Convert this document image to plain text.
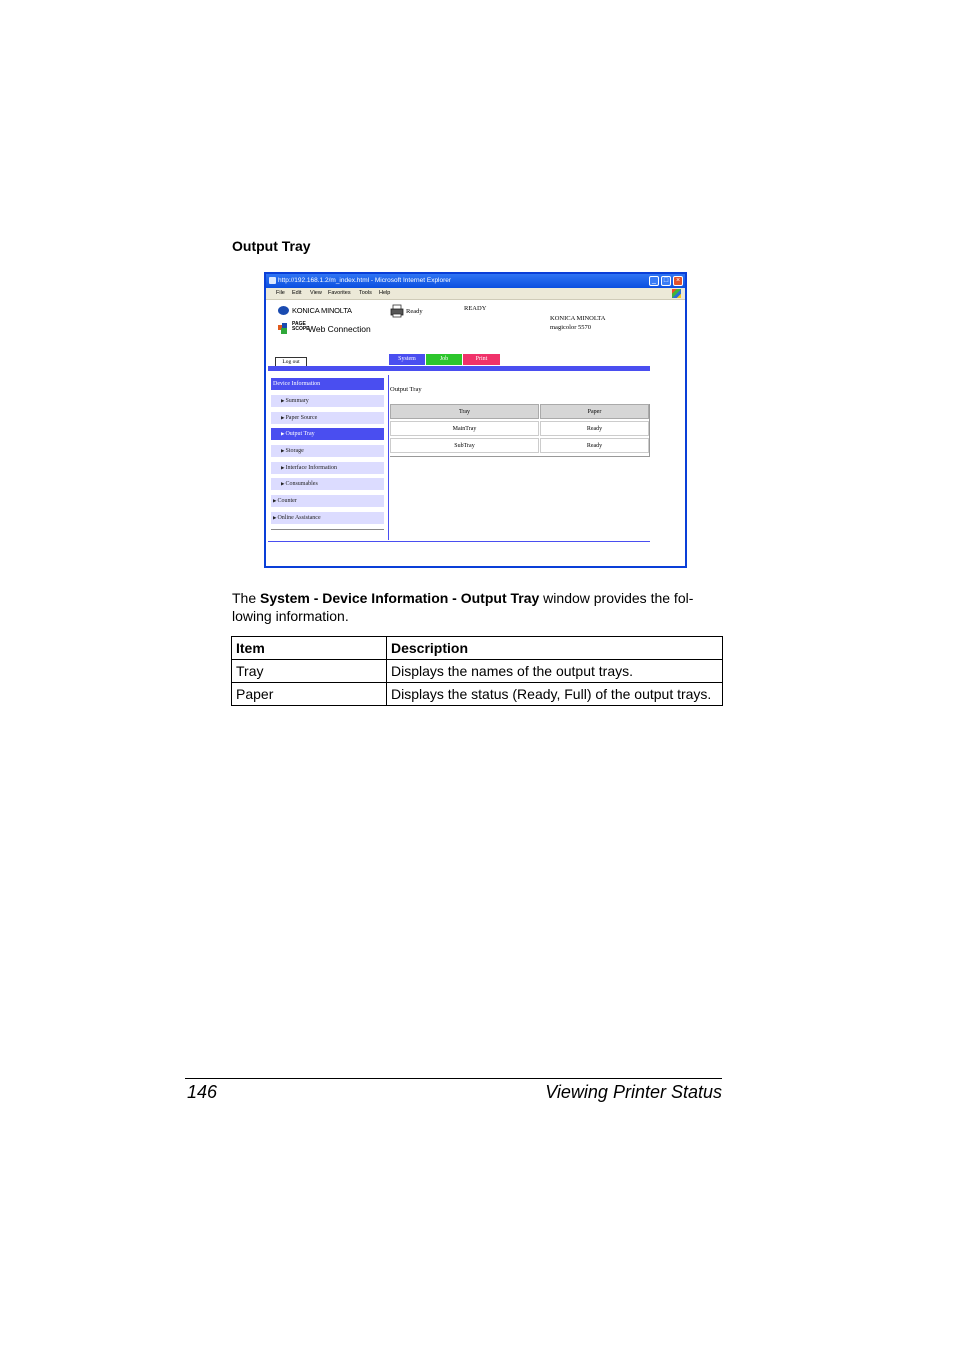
Output Tray
http://192.168.1.2/m_index.html - Microsoft Internet Explorer	_	□	×
File Edit View Favorites Tools Help
KONICA MINOLTA
PAGE
SCOPE
Web Connection
Ready	READY
KONICA MINOLTA
magicolor 5570
Log out	System	Job	Print
Device Information
▶Summary
▶Paper Source
▶Output Tray
▶Storage
▶Interface Information
▶Consumables
▶Counter
▶Online Assistance
Output Tray
Tray	Paper
MainTray	Ready
SubTray	Ready
The System - Device Information - Output Tray window provides the fol-
lowing information.
Item	Description
Tray	Displays the names of the output trays.
Paper	Displays the status (Ready, Full) of the output trays.
146	Viewing Printer Status
